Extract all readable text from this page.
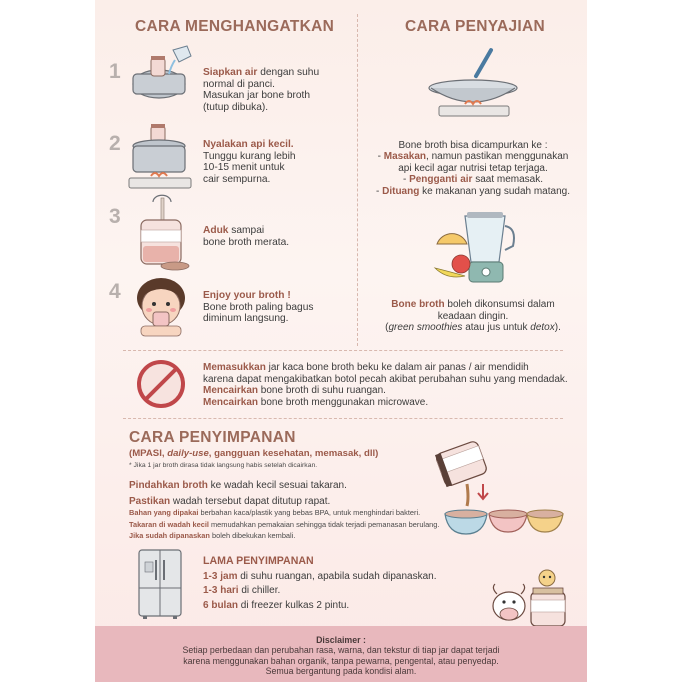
CARA MENGHANGATKAN	CARA PENYAJIAN
1	Siapkan air dengan suhu
normal di panci.
Masukan jar bone broth
(tutup dibuka).
2	Nyalakan api kecil.
Tunggu kurang lebih
10-15 menit untuk
cair sempurna.
3
Aduk sampai
bone broth merata.
4	Enjoy your broth !
Bone broth paling bagus
diminum langsung.
Bone broth bisa dicampurkan ke :
- Masakan, namun pastikan menggunakan
api kecil agar nutrisi tetap terjaga.
- Pengganti air saat memasak.
- Dituang ke makanan yang sudah matang.
Bone broth boleh dikonsumsi dalam
keadaan dingin.
(green smoothies atau jus untuk detox).
Memasukkan jar kaca bone broth beku ke dalam air panas / air mendidih
karena dapat mengakibatkan botol pecah akibat perubahan suhu yang mendadak.
Mencairkan bone broth di suhu ruangan.
Mencairkan bone broth menggunakan microwave.
CARA PENYIMPANAN
(MPASI, daily-use, gangguan kesehatan, memasak, dll)
* Jika 1 jar broth dirasa tidak langsung habis setelah dicairkan.
Pindahkan broth ke wadah kecil sesuai takaran.
Pastikan wadah tersebut dapat ditutup rapat.
Bahan yang dipakai berbahan kaca/plastik yang bebas BPA, untuk menghindari bakteri.
Takaran di wadah kecil memudahkan pemakaian sehingga tidak terjadi pemanasan berulang.
Jika sudah dipanaskan boleh dibekukan kembali.
LAMA PENYIMPANAN
1-3 jam di suhu ruangan, apabila sudah dipanaskan.
1-3 hari di chiller.
6 bulan di freezer kulkas 2 pintu.
Disclaimer :
Setiap perbedaan dan perubahan rasa, warna, dan tekstur di tiap jar dapat terjadi
karena menggunakan bahan organik, tanpa pewarna, pengental, atau penyedap.
Semua bergantung pada kondisi alam.
